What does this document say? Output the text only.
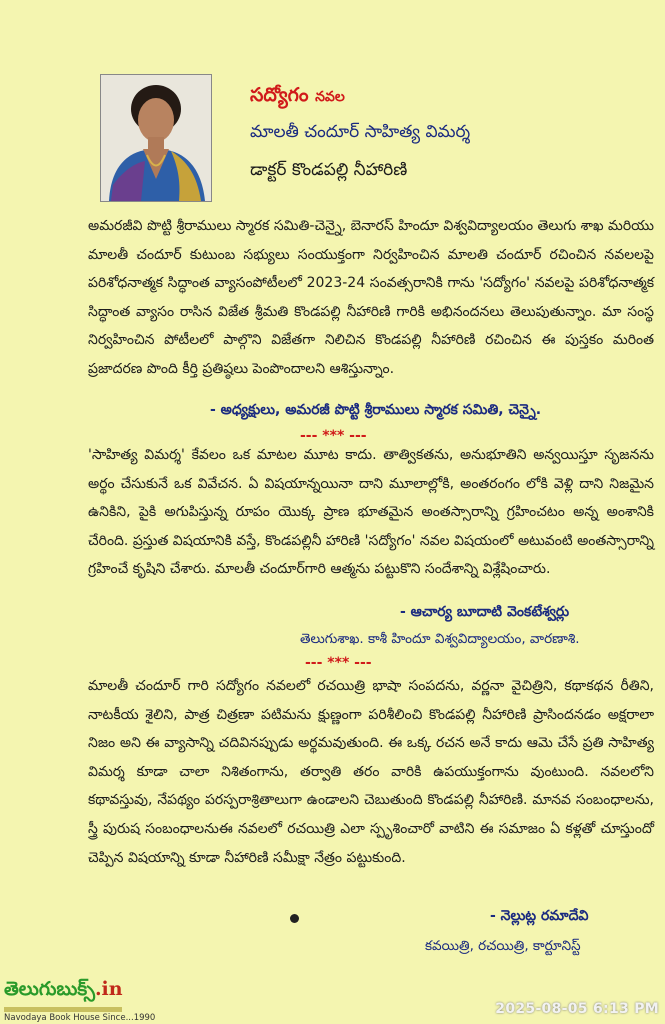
సద్యోగం నవల
మాలతీ చందూర్ సాహిత్య విమర్శ
డాక్టర్ కొండపల్లి నీహారిణి

అమరజీవి పొట్టి శ్రీరాములు స్మారక సమితి-చెన్నై, బెనారస్ హిందూ విశ్వవిద్యాలయం తెలుగు శాఖ మరియు మాలతీ చందూర్ కుటుంబ సభ్యులు సంయుక్తంగా నిర్వహించిన మాలతి చందూర్ రచించిన నవలలపై పరిశోధనాత్మక సిద్ధాంత వ్యాసంపోటీలలో 2023-24 సంవత్సరానికి గాను 'సద్యోగం' నవలపై పరిశోధనాత్మక సిద్ధాంత వ్యాసం రాసిన విజేత శ్రీమతి కొండపల్లి నీహారిణి గారికి అభినందనలు తెలుపుతున్నాం. మా సంస్థ నిర్వహించిన పోటీలలో పాల్గొని విజేతగా నిలిచిన కొండపల్లి నీహారిణి రచించిన ఈ పుస్తకం మరింత ప్రజాదరణ పొంది కీర్తి ప్రతిష్ఠలు పెంపొందాలని ఆశిస్తున్నాం.

- అధ్యక్షులు, అమరజీ పొట్టి శ్రీరాములు స్మారక సమితి, చెన్నై.
--- *** ---

'సాహిత్య విమర్శ' కేవలం ఒక మాటల మూట కాదు. తాత్వికతను, అనుభూతిని అన్వయిస్తూ సృజనను అర్థం చేసుకునే ఒక వివేచన. ఏ విషయాన్నయినా దాని మూలాల్లోకి, అంతరంగం లోకి వెళ్లి దాని నిజమైన ఉనికిని, పైకి అగుపిస్తున్న రూపం యొక్క ప్రాణ భూతమైన అంతస్సారాన్ని గ్రహించటం అన్న అంశానికి చేరింది. ప్రస్తుత విషయానికి వస్తే, కొండపల్లినీ హారిణి 'సద్యోగం' నవల విషయంలో అటువంటి అంతస్సారాన్ని గ్రహించే కృషిని చేశారు. మాలతీ చందూర్‌గారి ఆత్మను పట్టుకొని సందేశాన్ని విశ్లేషించారు.

- ఆచార్య బూదాటి వెంకటేశ్వర్లు
తెలుగుశాఖ. కాశీ హిందూ విశ్వవిద్యాలయం, వారణాశి.
--- *** ---

మాలతీ చందూర్ గారి సద్యోగం నవలలో రచయిత్రి భాషా సంపదను, వర్ణనా వైచిత్రిని, కథాకథన రీతిని, నాటకీయ శైలిని, పాత్ర చిత్రణా పటిమను క్షుణ్ణంగా పరిశీలించి కొండపల్లి నీహారిణి ప్రాసిందనడం అక్షరాలా నిజం అని ఈ వ్యాసాన్ని చదివినప్పుడు అర్థమవుతుంది. ఈ ఒక్క రచన అనే కాదు ఆమె చేసే ప్రతి సాహిత్య విమర్శ కూడా చాలా నిశితంగాను, తర్వాతి తరం వారికి ఉపయుక్తంగాను వుంటుంది. నవలలోని కథావస్తువు, నేపథ్యం పరస్పరాశ్రితాలుగా ఉండాలని చెబుతుంది కొండపల్లి నీహారిణి. మానవ సంబంధాలను, స్త్రీ పురుష సంబంధాలనుఈ నవలలో రచయిత్రి ఎలా స్పృశించారో వాటిని ఈ సమాజం ఏ కళ్లతో చూస్తుందో చెప్పిన విషయాన్ని కూడా నీహారిణి సమీక్షా నేత్రం పట్టుకుంది.

- నెల్లుట్ల రమాదేవి
కవయిత్రి, రచయిత్రి, కార్టూనిస్ట్
తెలుగుబుక్స్.in
Navodaya Book House Since...1990
2025-08-05 6:13 PM
